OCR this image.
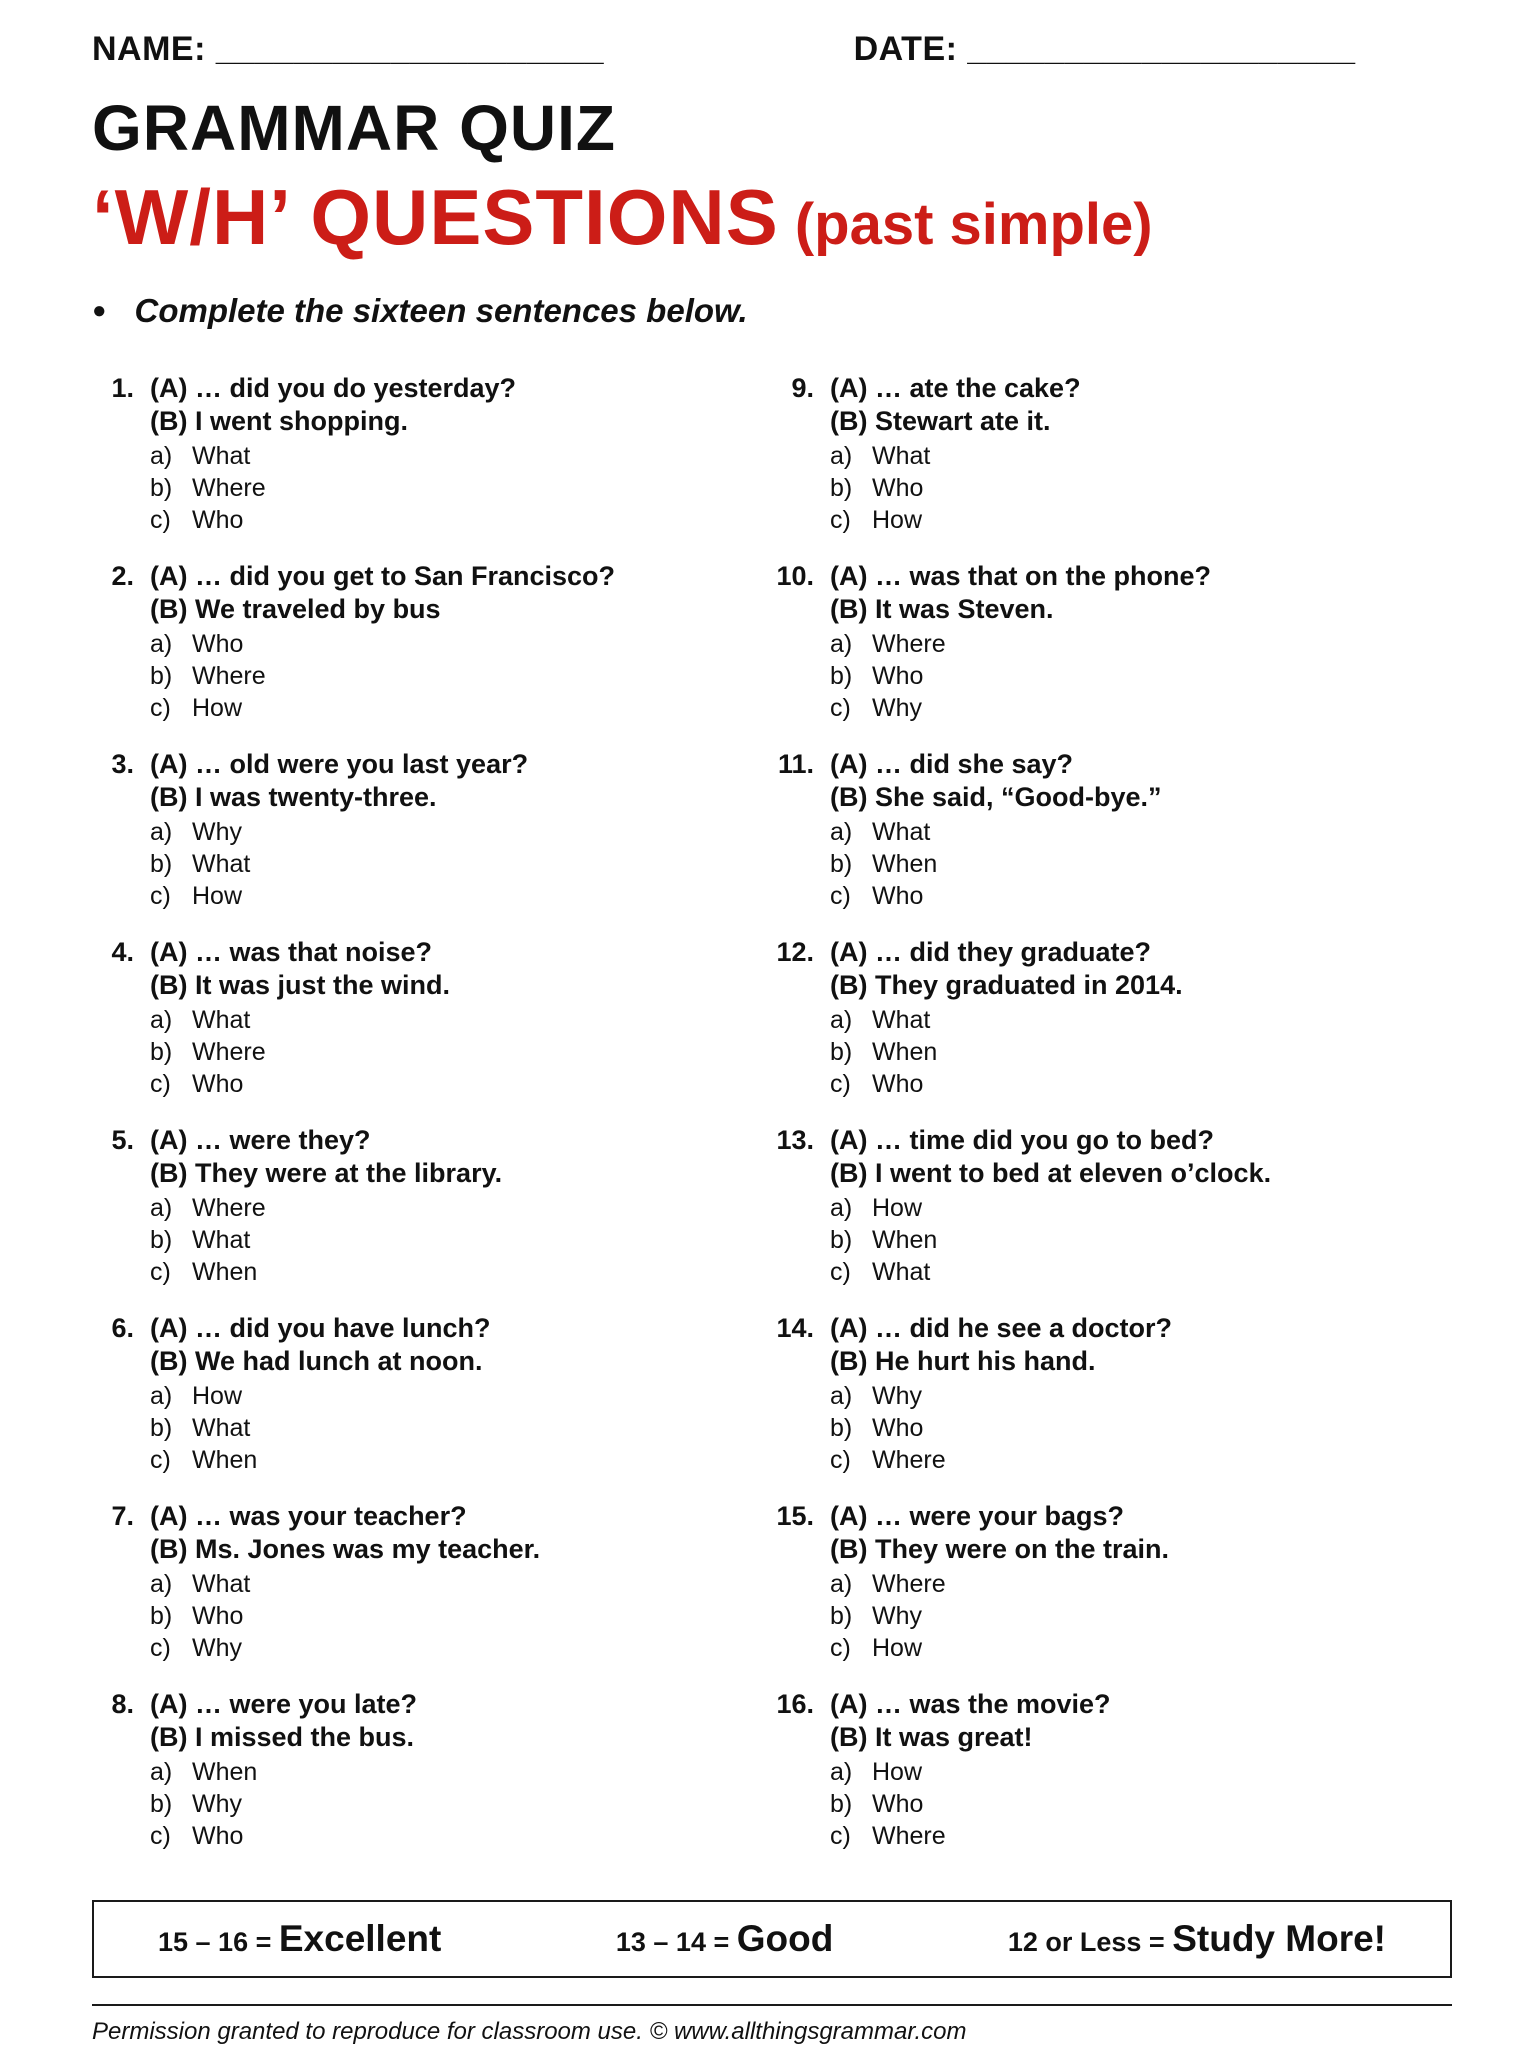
NAME: ____________________	DATE: ____________________
GRAMMAR QUIZ
‘W/H’ QUESTIONS (past simple)
● Complete the sixteen sentences below.
1. (A) … did you do yesterday?
(B) I went shopping.
a) What
b) Where
c) Who
2. (A) … did you get to San Francisco?
(B) We traveled by bus
a) Who
b) Where
c) How
3. (A) … old were you last year?
(B) I was twenty-three.
a) Why
b) What
c) How
4. (A) … was that noise?
(B) It was just the wind.
a) What
b) Where
c) Who
5. (A) … were they?
(B) They were at the library.
a) Where
b) What
c) When
6. (A) … did you have lunch?
(B) We had lunch at noon.
a) How
b) What
c) When
7. (A) … was your teacher?
(B) Ms. Jones was my teacher.
a) What
b) Who
c) Why
8. (A) … were you late?
(B) I missed the bus.
a) When
b) Why
c) Who
9. (A) … ate the cake?
(B) Stewart ate it.
a) What
b) Who
c) How
10. (A) … was that on the phone?
(B) It was Steven.
a) Where
b) Who
c) Why
11. (A) … did she say?
(B) She said, “Good-bye.”
a) What
b) When
c) Who
12. (A) … did they graduate?
(B) They graduated in 2014.
a) What
b) When
c) Who
13. (A) … time did you go to bed?
(B) I went to bed at eleven o’clock.
a) How
b) When
c) What
14. (A) … did he see a doctor?
(B) He hurt his hand.
a) Why
b) Who
c) Where
15. (A) … were your bags?
(B) They were on the train.
a) Where
b) Why
c) How
16. (A) … was the movie?
(B) It was great!
a) How
b) Who
c) Where
15 – 16 = Excellent	13 – 14 = Good	12 or Less = Study More!
Permission granted to reproduce for classroom use. © www.allthingsgrammar.com
